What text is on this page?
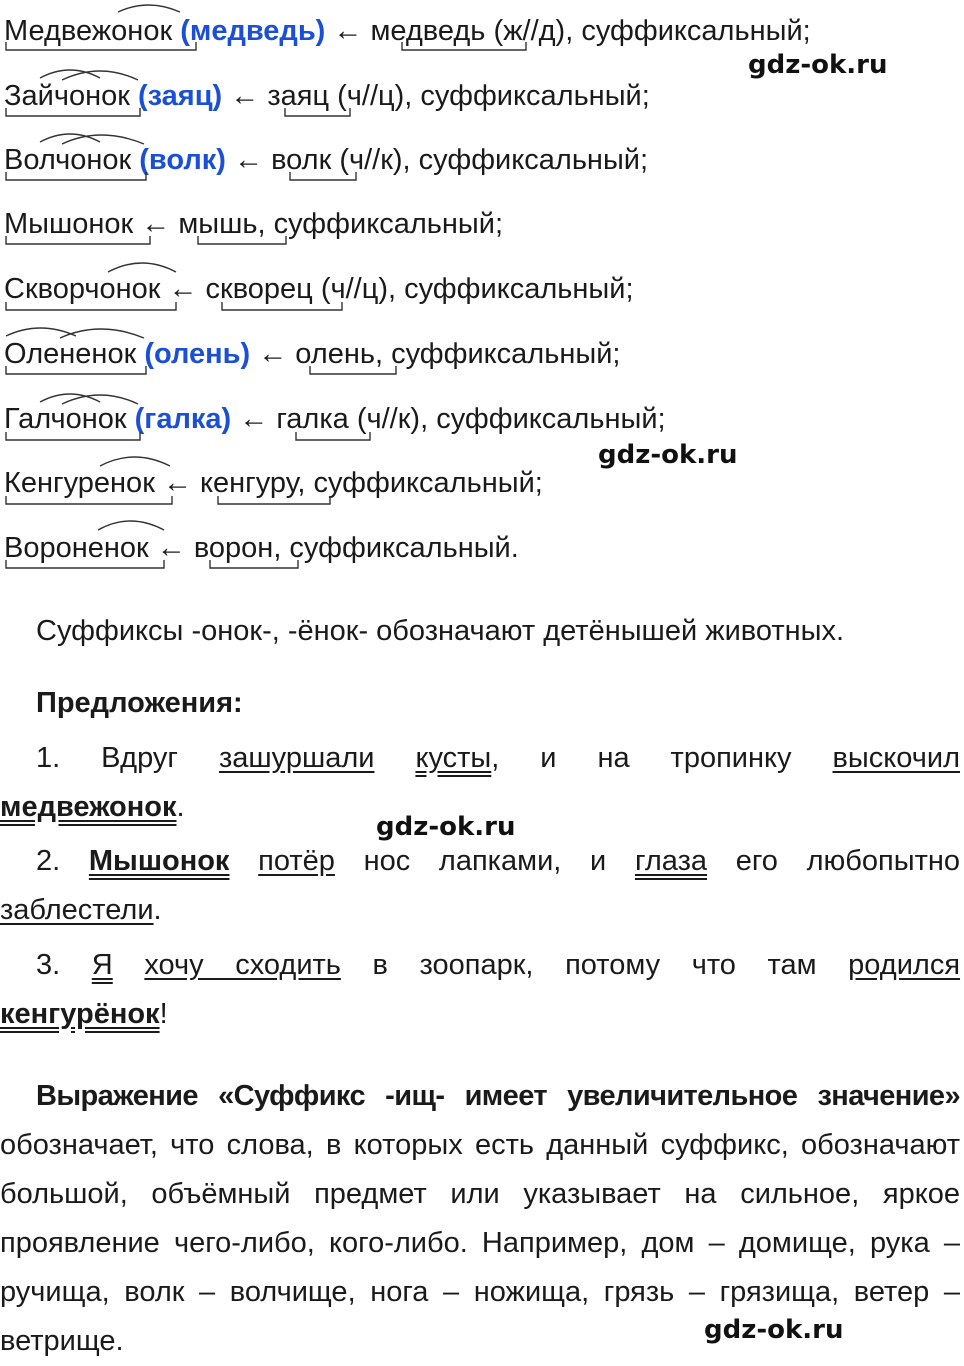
gdz-ok.ru
gdz-ok.ru
gdz-ok.ru
gdz-ok.ru
Медвежонок (медведь) ← медведь (ж//д), суффиксальный;
Зайчонок (заяц) ← заяц (ч//ц), суффиксальный;
Волчонок (волк) ← волк (ч//к), суффиксальный;
Мышонок ← мышь, суффиксальный;
Скворчонок ← скворец (ч//ц), суффиксальный;
Олененок (олень) ← олень, суффиксальный;
Галчонок (галка) ← галка (ч//к), суффиксальный;
Кенгуренок ← кенгуру, суффиксальный;
Вороненок ← ворон, суффиксальный.
Суффиксы -онок-, -ёнок- обозначают детёнышей животных.
Предложения:
1. Вдруг зашуршали кусты, и на тропинку выскочил
медвежонок.
2. Мышонок потёр нос лапками, и глаза его любопытно
заблестели.
3. Я хочу сходить в зоопарк, потому что там родился
кенгурёнок!
Выражение «Суффикс -ищ- имеет увеличительное значение» обозначает, что слова, в которых есть данный суффикс, обозначают большой, объёмный предмет или указывает на сильное, яркое проявление чего-либо, кого-либо. Например, дом – домище, рука – ручища, волк – волчище, нога – ножища, грязь – грязища, ветер – ветрище.
